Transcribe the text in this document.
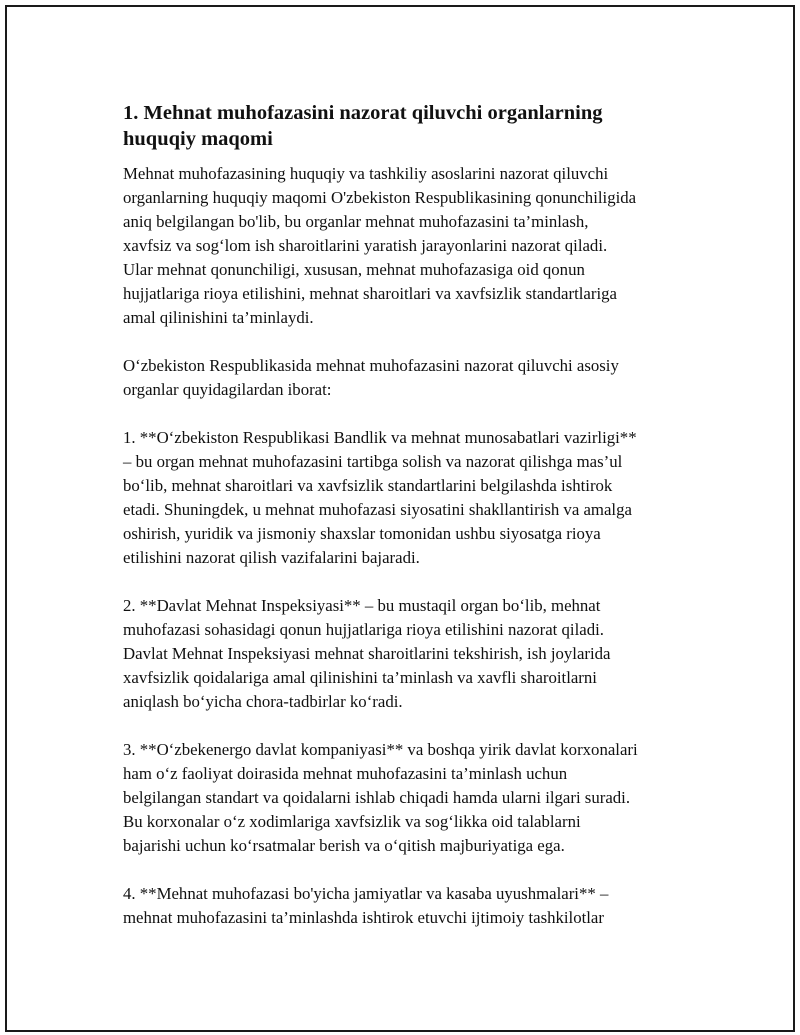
1. Mehnat muhofazasini nazorat qiluvchi organlarning
huquqiy maqomi

Mehnat muhofazasining huquqiy va tashkiliy asoslarini nazorat qiluvchi
organlarning huquqiy maqomi O'zbekiston Respublikasining qonunchiligida
aniq belgilangan bo'lib, bu organlar mehnat muhofazasini ta’minlash,
xavfsiz va sog‘lom ish sharoitlarini yaratish jarayonlarini nazorat qiladi.
Ular mehnat qonunchiligi, xususan, mehnat muhofazasiga oid qonun
hujjatlariga rioya etilishini, mehnat sharoitlari va xavfsizlik standartlariga
amal qilinishini ta’minlaydi.

O‘zbekiston Respublikasida mehnat muhofazasini nazorat qiluvchi asosiy
organlar quyidagilardan iborat:

1. **O‘zbekiston Respublikasi Bandlik va mehnat munosabatlari vazirligi**
– bu organ mehnat muhofazasini tartibga solish va nazorat qilishga mas’ul
bo‘lib, mehnat sharoitlari va xavfsizlik standartlarini belgilashda ishtirok
etadi. Shuningdek, u mehnat muhofazasi siyosatini shakllantirish va amalga
oshirish, yuridik va jismoniy shaxslar tomonidan ushbu siyosatga rioya
etilishini nazorat qilish vazifalarini bajaradi.

2. **Davlat Mehnat Inspeksiyasi** – bu mustaqil organ bo‘lib, mehnat
muhofazasi sohasidagi qonun hujjatlariga rioya etilishini nazorat qiladi.
Davlat Mehnat Inspeksiyasi mehnat sharoitlarini tekshirish, ish joylarida
xavfsizlik qoidalariga amal qilinishini ta’minlash va xavfli sharoitlarni
aniqlash bo‘yicha chora-tadbirlar ko‘radi.

3. **O‘zbekenergo davlat kompaniyasi** va boshqa yirik davlat korxonalari
ham o‘z faoliyat doirasida mehnat muhofazasini ta’minlash uchun
belgilangan standart va qoidalarni ishlab chiqadi hamda ularni ilgari suradi.
Bu korxonalar o‘z xodimlariga xavfsizlik va sog‘likka oid talablarni
bajarishi uchun ko‘rsatmalar berish va o‘qitish majburiyatiga ega.

4. **Mehnat muhofazasi bo'yicha jamiyatlar va kasaba uyushmalari** –
mehnat muhofazasini ta’minlashda ishtirok etuvchi ijtimoiy tashkilotlar
